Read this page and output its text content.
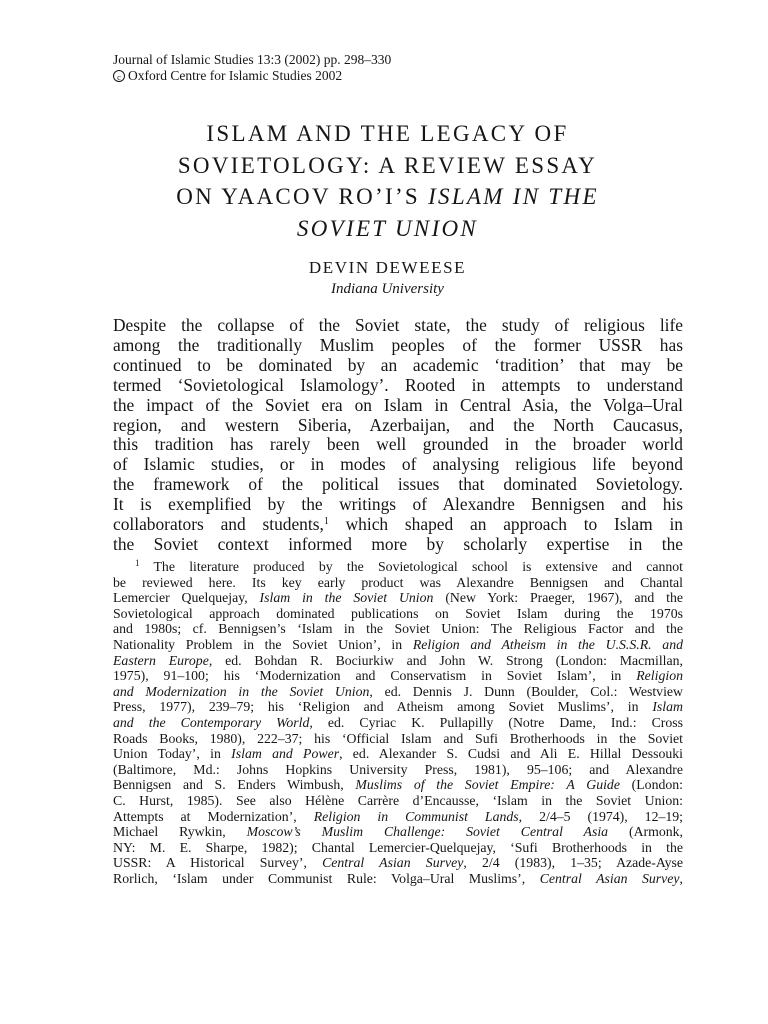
Journal of Islamic Studies 13:3 (2002) pp. 298–330
c Oxford Centre for Islamic Studies 2002
ISLAM AND THE LEGACY OF
SOVIETOLOGY: A REVIEW ESSAY
ON YAACOV RO’I’S ISLAM IN THE
SOVIET UNION
DEVIN DEWEESE
Indiana University
Despite the collapse of the Soviet state, the study of religious life
among the traditionally Muslim peoples of the former USSR has
continued to be dominated by an academic ‘tradition’ that may be
termed ‘Sovietological Islamology’. Rooted in attempts to understand
the impact of the Soviet era on Islam in Central Asia, the Volga–Ural
region, and western Siberia, Azerbaijan, and the North Caucasus,
this tradition has rarely been well grounded in the broader world
of Islamic studies, or in modes of analysing religious life beyond
the framework of the political issues that dominated Sovietology.
It is exemplified by the writings of Alexandre Bennigsen and his
collaborators and students,$^1$ which shaped an approach to Islam in
the Soviet context informed more by scholarly expertise in the
$^1$ The literature produced by the Sovietological school is extensive and cannot
be reviewed here. Its key early product was Alexandre Bennigsen and Chantal
Lemercier Quelquejay, Islam in the Soviet Union (New York: Praeger, 1967), and the
Sovietological approach dominated publications on Soviet Islam during the 1970s
and 1980s; cf. Bennigsen’s ‘Islam in the Soviet Union: The Religious Factor and the
Nationality Problem in the Soviet Union’, in Religion and Atheism in the U.S.S.R. and
Eastern Europe, ed. Bohdan R. Bociurkiw and John W. Strong (London: Macmillan,
1975), 91–100; his ‘Modernization and Conservatism in Soviet Islam’, in Religion
and Modernization in the Soviet Union, ed. Dennis J. Dunn (Boulder, Col.: Westview
Press, 1977), 239–79; his ‘Religion and Atheism among Soviet Muslims’, in Islam
and the Contemporary World, ed. Cyriac K. Pullapilly (Notre Dame, Ind.: Cross
Roads Books, 1980), 222–37; his ‘Official Islam and Sufi Brotherhoods in the Soviet
Union Today’, in Islam and Power, ed. Alexander S. Cudsi and Ali E. Hillal Dessouki
(Baltimore, Md.: Johns Hopkins University Press, 1981), 95–106; and Alexandre
Bennigsen and S. Enders Wimbush, Muslims of the Soviet Empire: A Guide (London:
C. Hurst, 1985). See also Hélène Carrère d’Encausse, ‘Islam in the Soviet Union:
Attempts at Modernization’, Religion in Communist Lands, 2/4–5 (1974), 12–19;
Michael Rywkin, Moscow’s Muslim Challenge: Soviet Central Asia (Armonk,
NY: M. E. Sharpe, 1982); Chantal Lemercier-Quelquejay, ‘Sufi Brotherhoods in the
USSR: A Historical Survey’, Central Asian Survey, 2/4 (1983), 1–35; Azade-Ayse
Rorlich, ‘Islam under Communist Rule: Volga–Ural Muslims’, Central Asian Survey,
